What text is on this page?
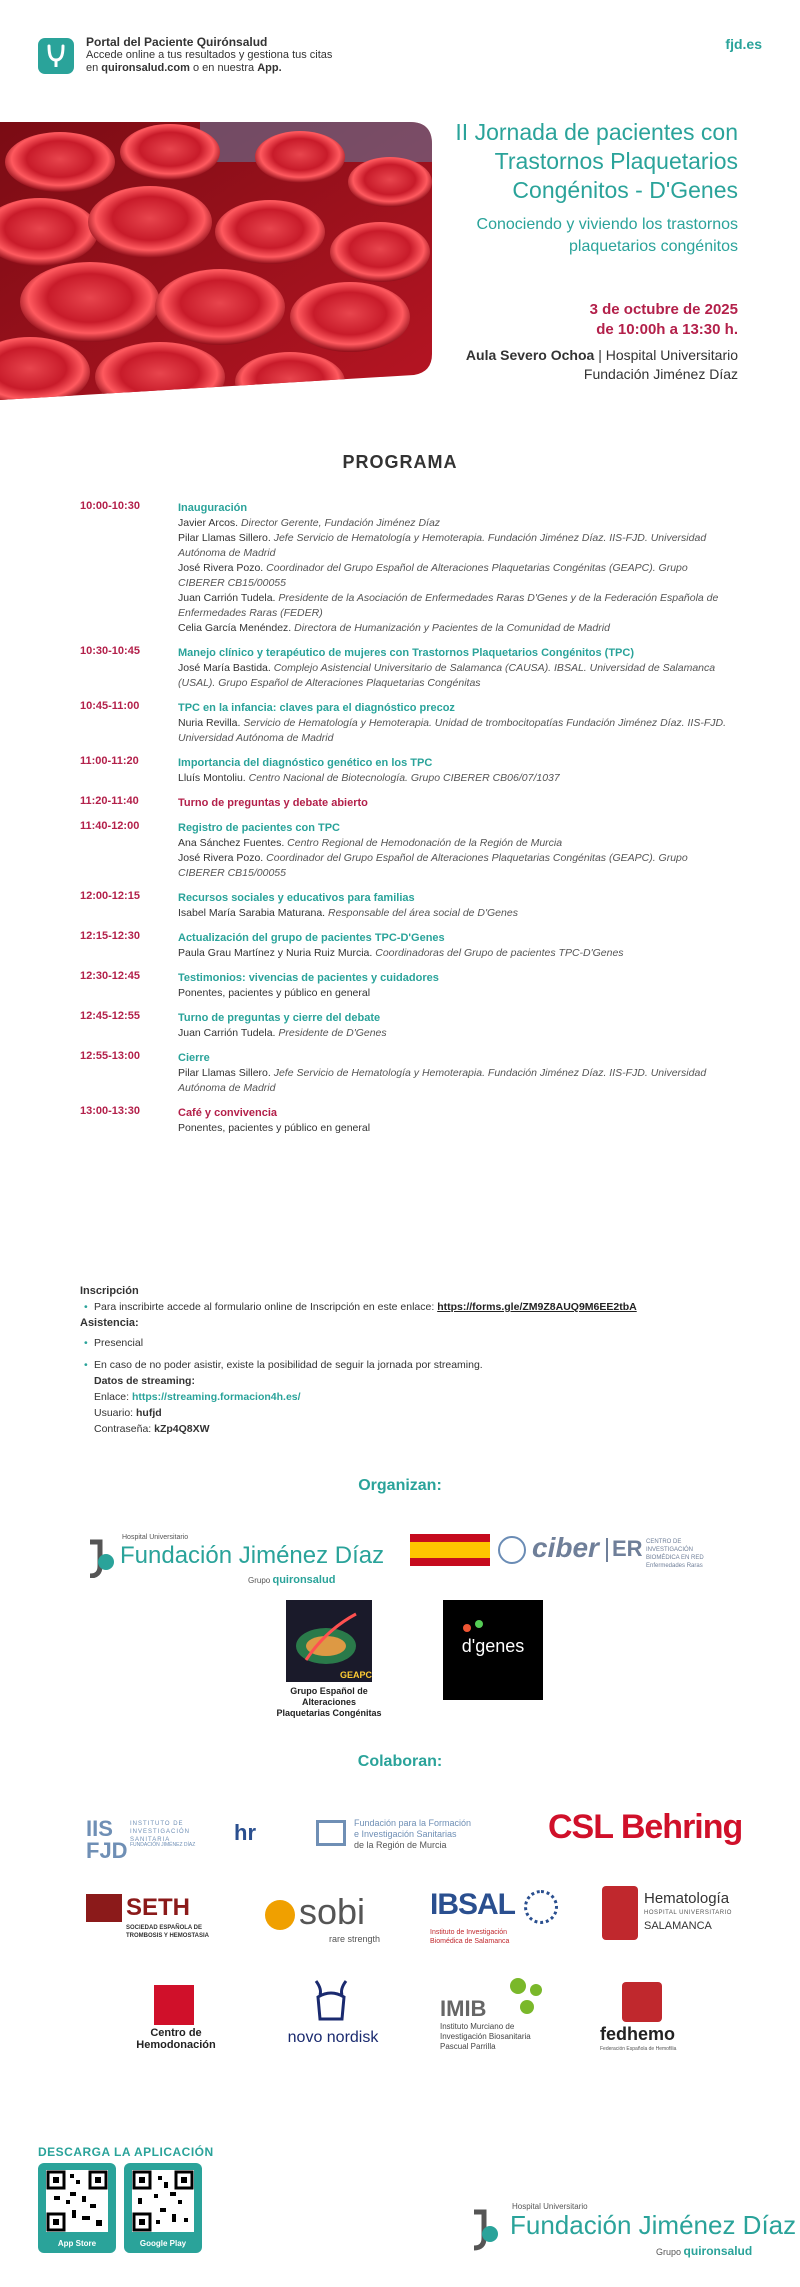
Portal del Paciente Quirónsalud
Accede online a tus resultados y gestiona tus citas
en quironsalud.com o en nuestra App.
fjd.es
II Jornada de pacientes con
Trastornos Plaquetarios
Congénitos - D'Genes
Conociendo y viviendo los trastornos
plaquetarios congénitos
3 de octubre de 2025
de 10:00h a 13:30 h.
Aula Severo Ochoa | Hospital Universitario
Fundación Jiménez Díaz
PROGRAMA
10:00-10:30	Inauguración
Javier Arcos. Director Gerente, Fundación Jiménez Díaz
Pilar Llamas Sillero. Jefe Servicio de Hematología y Hemoterapia. Fundación Jiménez Díaz. IIS-FJD. Universidad Autónoma de Madrid
José Rivera Pozo. Coordinador del Grupo Español de Alteraciones Plaquetarias Congénitas (GEAPC). Grupo CIBERER CB15/00055
Juan Carrión Tudela. Presidente de la Asociación de Enfermedades Raras D'Genes y de la Federación Española de Enfermedades Raras (FEDER)
Celia García Menéndez. Directora de Humanización y Pacientes de la Comunidad de Madrid
10:30-10:45	Manejo clínico y terapéutico de mujeres con Trastornos Plaquetarios Congénitos (TPC)
José María Bastida. Complejo Asistencial Universitario de Salamanca (CAUSA). IBSAL. Universidad de Salamanca (USAL). Grupo Español de Alteraciones Plaquetarias Congénitas
10:45-11:00	TPC en la infancia: claves para el diagnóstico precoz
Nuria Revilla. Servicio de Hematología y Hemoterapia. Unidad de trombocitopatías Fundación Jiménez Díaz. IIS-FJD. Universidad Autónoma de Madrid
11:00-11:20	Importancia del diagnóstico genético en los TPC
Lluís Montoliu. Centro Nacional de Biotecnología. Grupo CIBERER CB06/07/1037
11:20-11:40	Turno de preguntas y debate abierto
11:40-12:00	Registro de pacientes con TPC
Ana Sánchez Fuentes. Centro Regional de Hemodonación de la Región de Murcia
José Rivera Pozo. Coordinador del Grupo Español de Alteraciones Plaquetarias Congénitas (GEAPC). Grupo CIBERER CB15/00055
12:00-12:15	Recursos sociales y educativos para familias
Isabel María Sarabia Maturana. Responsable del área social de D'Genes
12:15-12:30	Actualización del grupo de pacientes TPC-D'Genes
Paula Grau Martínez y Nuria Ruiz Murcia. Coordinadoras del Grupo de pacientes TPC-D'Genes
12:30-12:45	Testimonios: vivencias de pacientes y cuidadores
Ponentes, pacientes y público en general
12:45-12:55	Turno de preguntas y cierre del debate
Juan Carrión Tudela. Presidente de D'Genes
12:55-13:00	Cierre
Pilar Llamas Sillero. Jefe Servicio de Hematología y Hemoterapia. Fundación Jiménez Díaz. IIS-FJD. Universidad Autónoma de Madrid
13:00-13:30	Café y convivencia
Ponentes, pacientes y público en general
Inscripción
• Para inscribirte accede al formulario online de Inscripción en este enlace: https://forms.gle/ZM9Z8AUQ9M6EE2tbA
Asistencia:
• Presencial
• En caso de no poder asistir, existe la posibilidad de seguir la jornada por streaming.
Datos de streaming:
Enlace: https://streaming.formacion4h.es/
Usuario: hufjd
Contraseña: kZp4Q8XW
Organizan:
Hospital Universitario
Fundación Jiménez Díaz
Grupo quironsalud
ciber ER CENTRO DE INVESTIGACIÓN BIOMÉDICA EN RED Enfermedades Raras
GEAPC
Grupo Español de Alteraciones
Plaquetarias Congénitas
d'genes
Colaboran:
IIS FJD
INSTITUTO DE INVESTIGACIÓN SANITARIA
FUNDACIÓN JIMÉNEZ DÍAZ hr	Fundación para la Formación
e Investigación Sanitarias
de la Región de Murcia	CSL Behring
SETH
SOCIEDAD ESPAÑOLA DE TROMBOSIS Y HEMOSTASIA
sobi
rare strength
IBSAL
Instituto de Investigación Biomédica de Salamanca
Hematología
HOSPITAL UNIVERSITARIO
SALAMANCA
Centro de
Hemodonación	novo nordisk
IMIB
Instituto Murciano de Investigación Biosanitaria Pascual Parrilla
fedhemo
Federación Española de Hemofilia
DESCARGA LA APLICACIÓN
App Store	Google Play
Hospital Universitario
Fundación Jiménez Díaz
Grupo quironsalud
